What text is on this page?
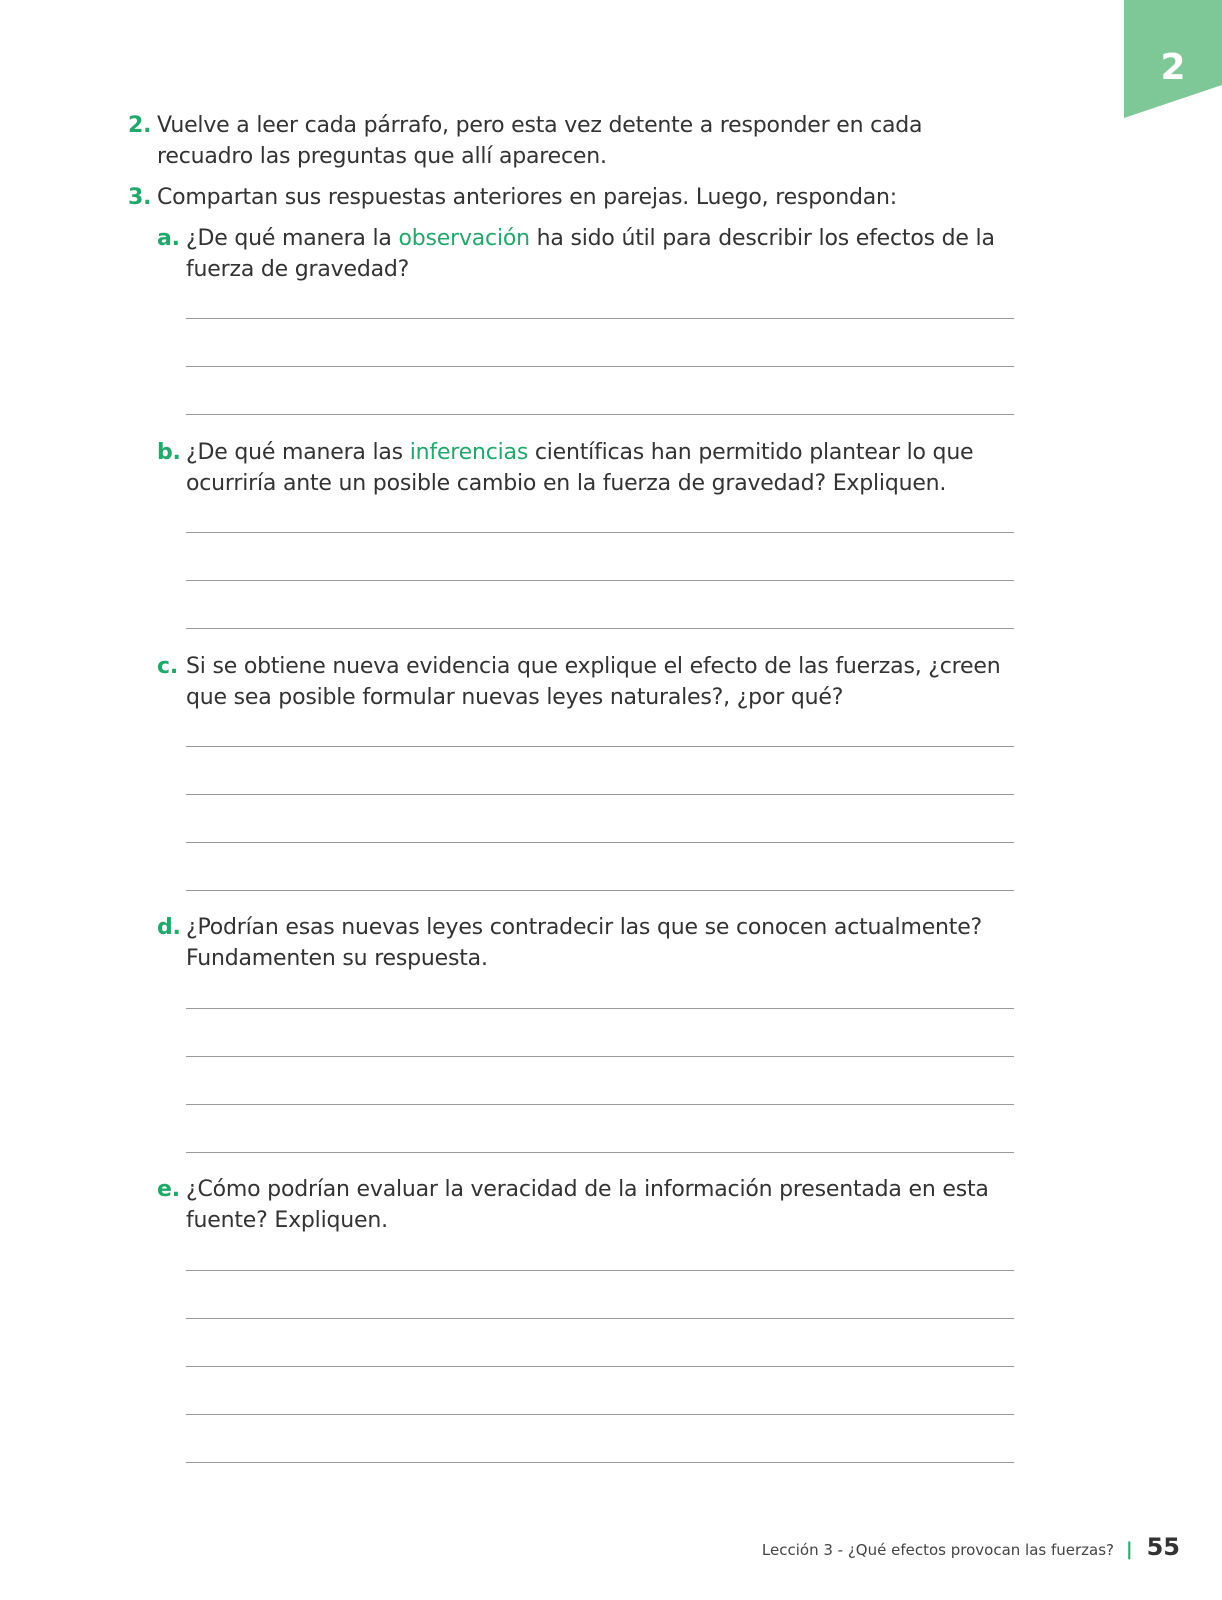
2
2. Vuelve a leer cada párrafo, pero esta vez detente a responder en cada recuadro las preguntas que allí aparecen.
3. Compartan sus respuestas anteriores en parejas. Luego, respondan:
a. ¿De qué manera la observación ha sido útil para describir los efectos de la fuerza de gravedad?
b. ¿De qué manera las inferencias científicas han permitido plantear lo que ocurriría ante un posible cambio en la fuerza de gravedad? Expliquen.
c. Si se obtiene nueva evidencia que explique el efecto de las fuerzas, ¿creen que sea posible formular nuevas leyes naturales?, ¿por qué?
d. ¿Podrían esas nuevas leyes contradecir las que se conocen actualmente? Fundamenten su respuesta.
e. ¿Cómo podrían evaluar la veracidad de la información presentada en esta fuente? Expliquen.
Lección 3 - ¿Qué efectos provocan las fuerzas? | 55
